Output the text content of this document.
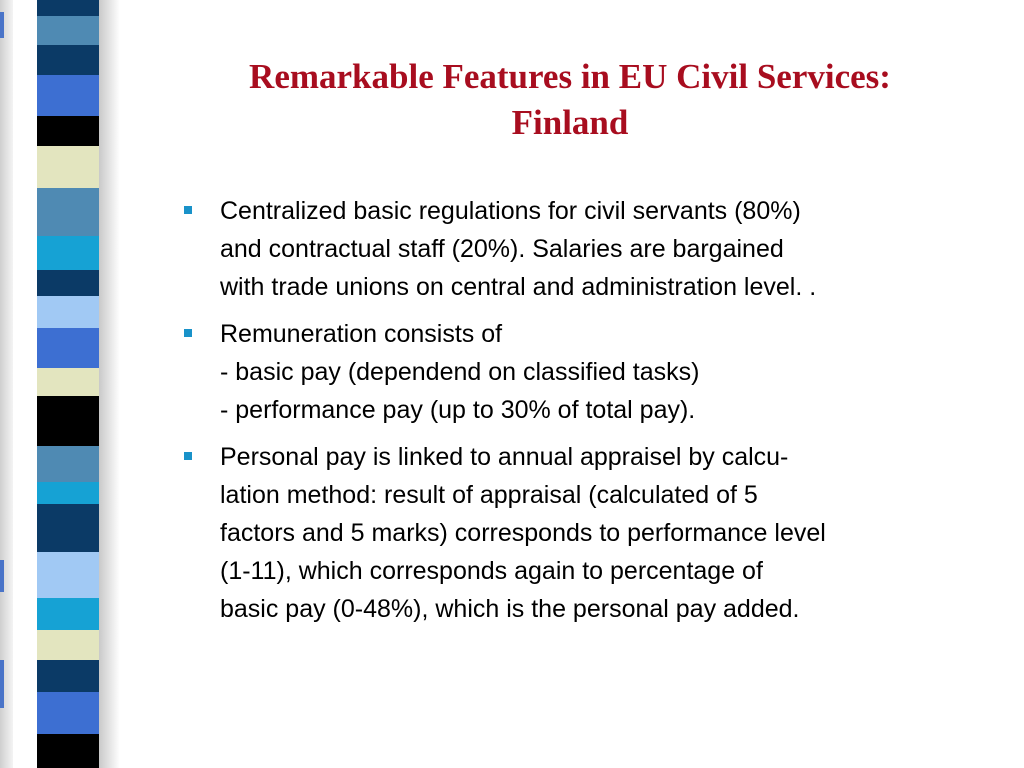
Remarkable Features in EU Civil Services:
Finland
Centralized basic regulations for civil servants (80%)
and contractual staff (20%). Salaries are bargained
with trade unions on central and administration level. .
Remuneration consists of
- basic pay (dependend on classified tasks)
- performance pay (up to 30% of total pay).
Personal pay is linked to annual appraisel by calcu-
lation method: result of appraisal (calculated of 5
factors and 5 marks) corresponds to performance level
(1-11), which corresponds again to percentage of
basic pay (0-48%), which is the personal pay added.
